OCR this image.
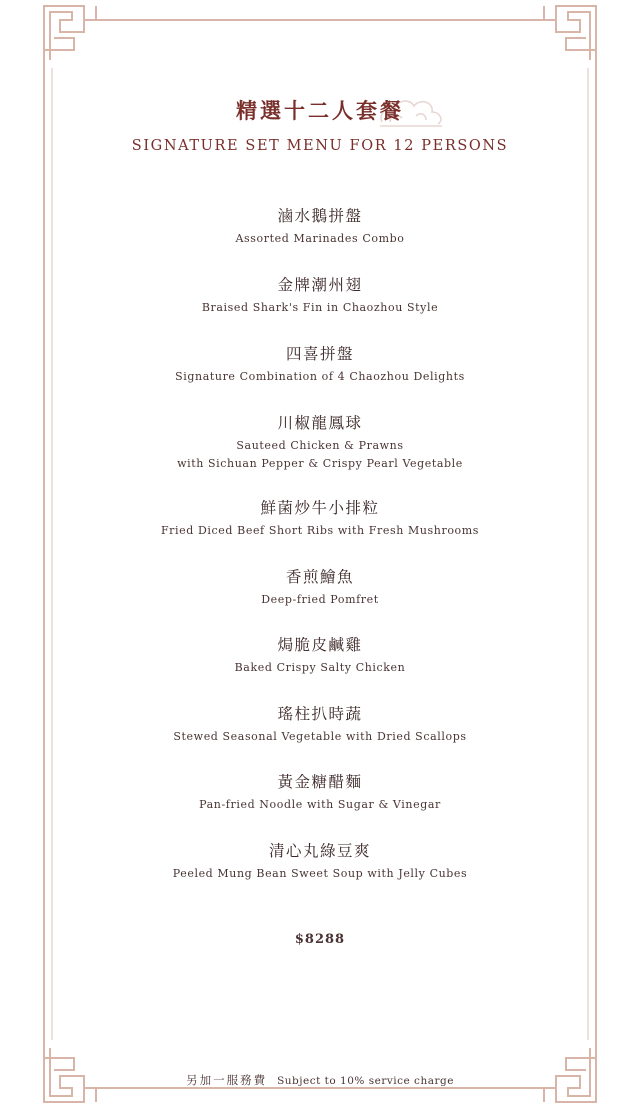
精選十二人套餐
SIGNATURE SET MENU FOR 12 PERSONS
滷水鵝拼盤
Assorted Marinades Combo
金牌潮州翅
Braised Shark's Fin in Chaozhou Style
四喜拼盤
Signature Combination of 4 Chaozhou Delights
川椒龍鳳球
Sauteed Chicken & Prawns
with Sichuan Pepper & Crispy Pearl Vegetable
鮮菌炒牛小排粒
Fried Diced Beef Short Ribs with Fresh Mushrooms
香煎鱠魚
Deep-fried Pomfret
焗脆皮鹹雞
Baked Crispy Salty Chicken
瑤柱扒時蔬
Stewed Seasonal Vegetable with Dried Scallops
黃金糖醋麵
Pan-fried Noodle with Sugar & Vinegar
清心丸綠豆爽
Peeled Mung Bean Sweet Soup with Jelly Cubes
$8288
另加一服務費 Subject to 10% service charge
